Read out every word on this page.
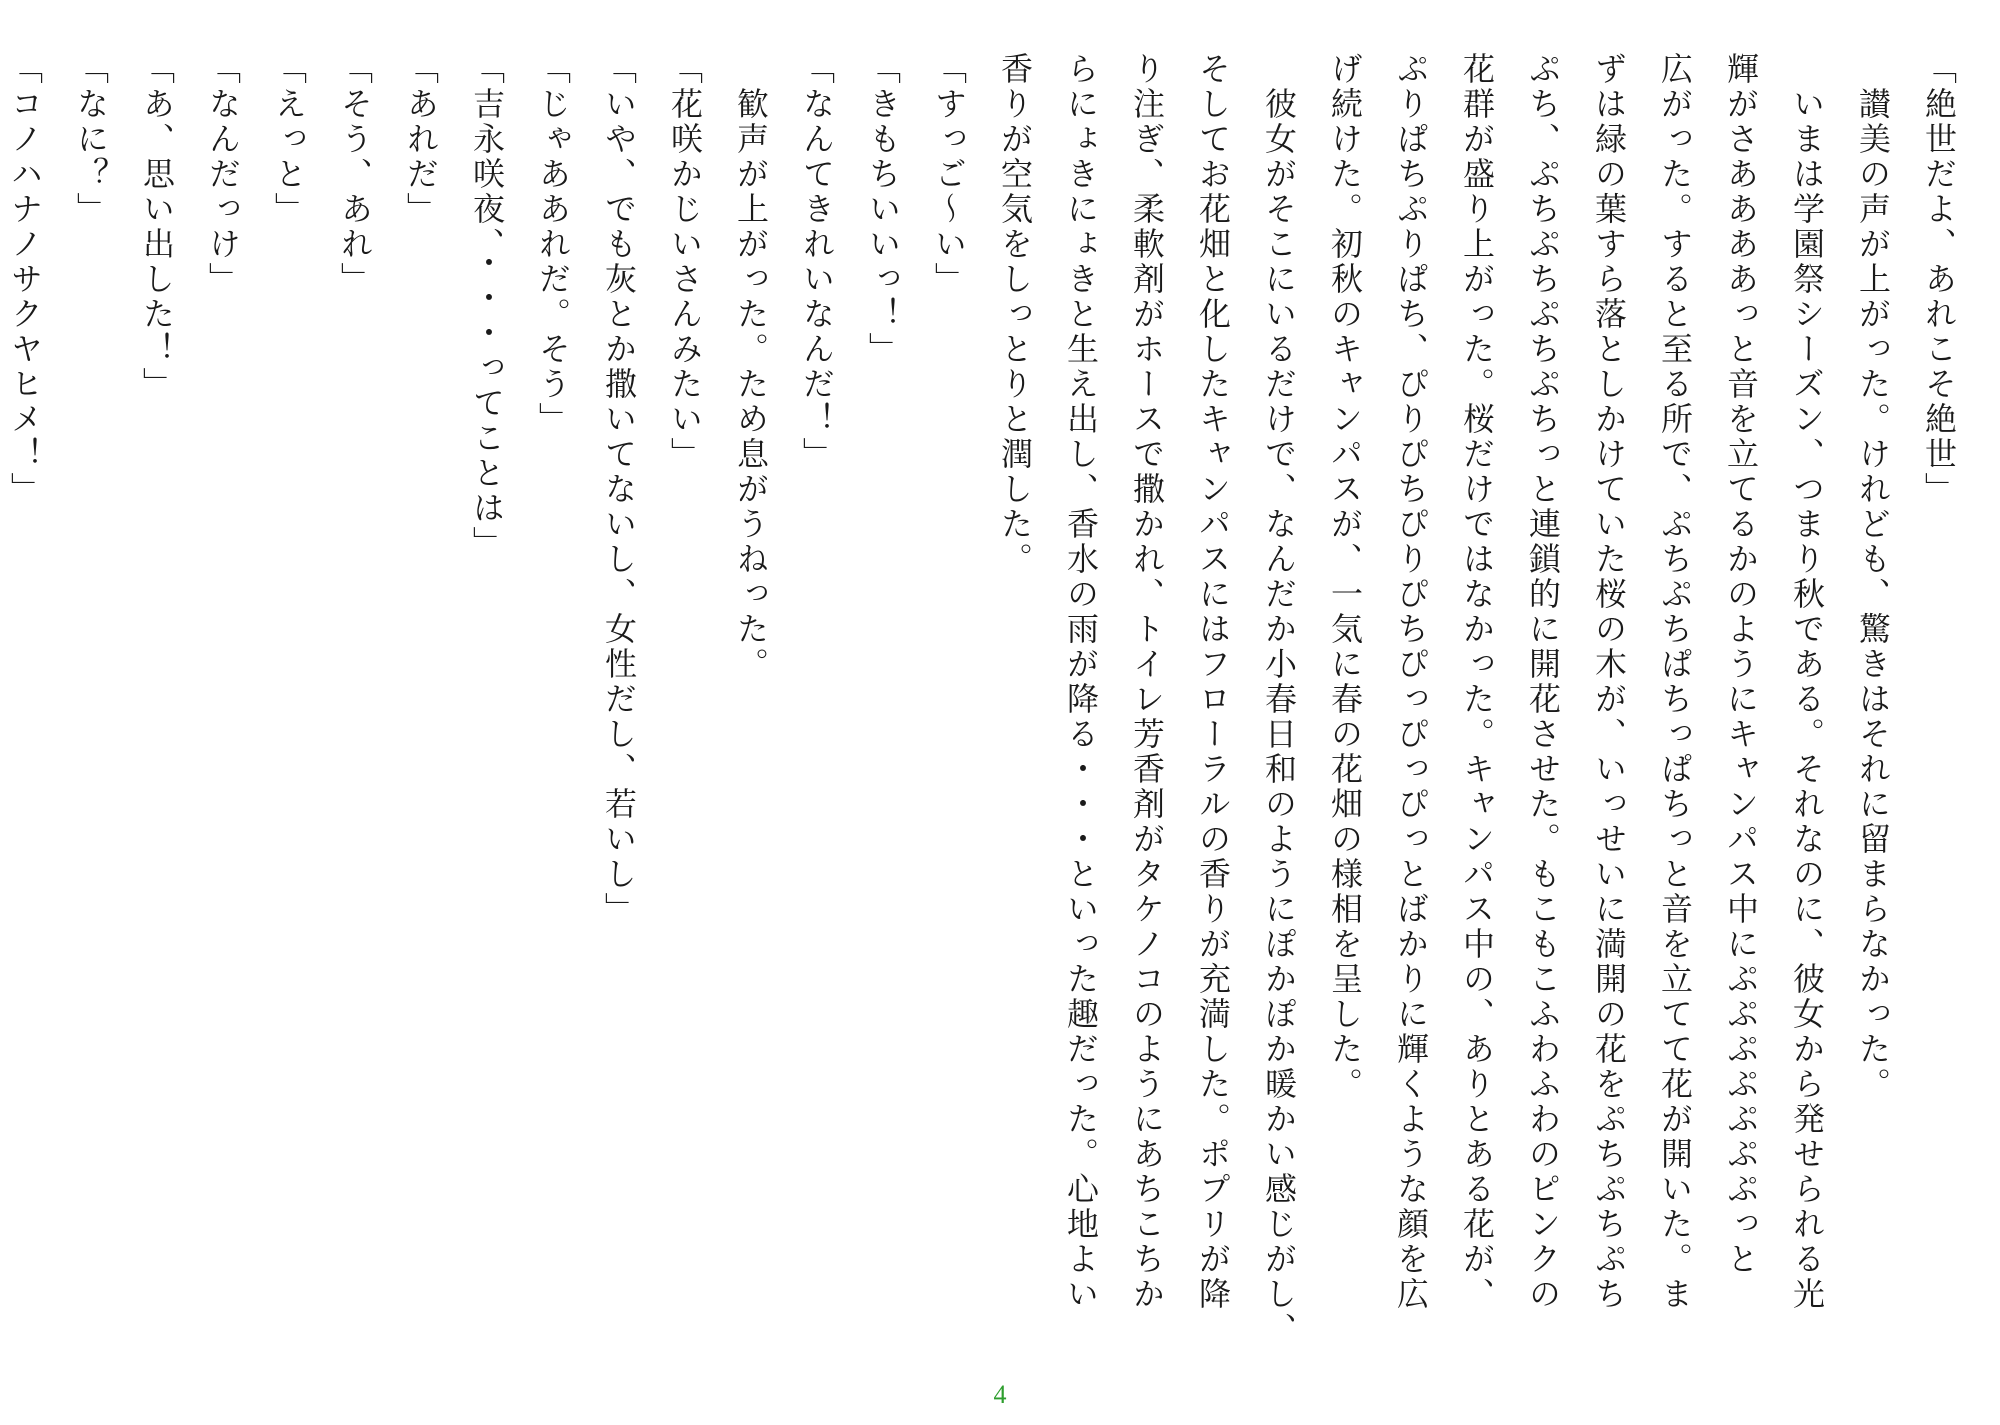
「絶世だよ、あれこそ絶世」
　讃美の声が上がった。けれども、驚きはそれに留まらなかった。
　いまは学園祭シーズン、つまり秋である。それなのに、彼女から発せられる光
輝がさああああっと音を立てるかのようにキャンパス中にぷぷぷぷぷぷぷっと
広がった。すると至る所で、ぷちぷちぱちっぱちっと音を立てて花が開いた。ま
ずは緑の葉すら落としかけていた桜の木が、いっせいに満開の花をぷちぷちぷち
ぷち、ぷちぷちぷちぷちっと連鎖的に開花させた。もこもこふわふわのピンクの
花群が盛り上がった。桜だけではなかった。キャンパス中の、ありとある花が、
ぷりぱちぷりぱち、ぴりぴちぴりぴちぴっぴっぴっとばかりに輝くような顔を広
げ続けた。初秋のキャンパスが、一気に春の花畑の様相を呈した。
　彼女がそこにいるだけで、なんだか小春日和のようにぽかぽか暖かい感じがし、
そしてお花畑と化したキャンパスにはフローラルの香りが充満した。ポプリが降
り注ぎ、柔軟剤がホースで撒かれ、トイレ芳香剤がタケノコのようにあちこちか
らにょきにょきと生え出し、香水の雨が降る・・・といった趣だった。心地よい
香りが空気をしっとりと潤した。
「すっご～い」
「きもちいいっ！」
「なんてきれいなんだ！」
　歓声が上がった。ため息がうねった。
「花咲かじいさんみたい」
「いや、でも灰とか撒いてないし、女性だし、若いし」
「じゃああれだ。そう」
「吉永咲夜、・・・ってことは」
「あれだ」
「そう、あれ」
「えっと」
「なんだっけ」
「あ、思い出した！」
「なに？」
「コノハナノサクヤヒメ！」
4
